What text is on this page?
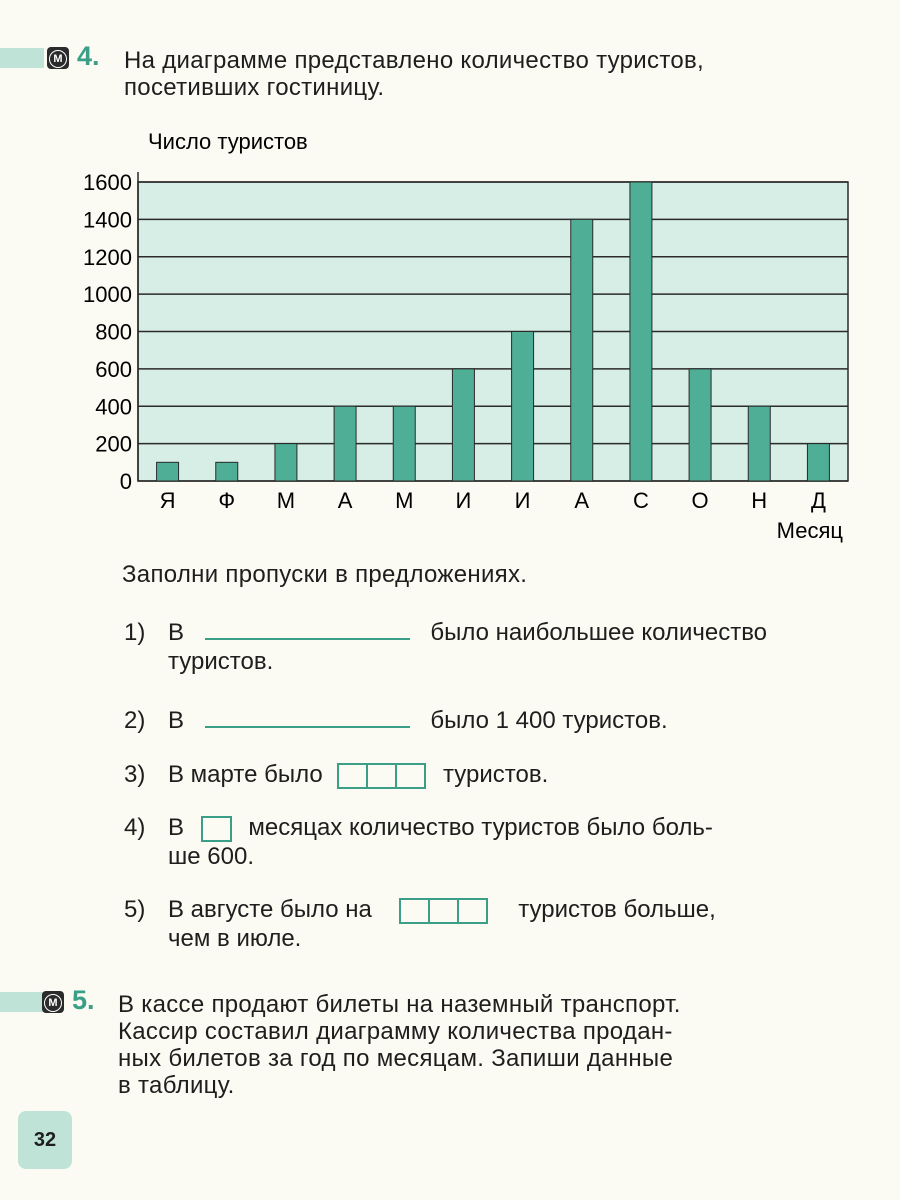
М 4. На диаграмме представлено количество туристов,
посетивших гостиницу.
0
200
400
600
800
1000
1200
1400
1600
Я Ф М А М И И А С О Н Д
Число туристов
Месяц
Заполни пропуски в предложениях.
1) В	было наибольшее количество
туристов.
2) В	было 1 400 туристов.
3) В марте было	туристов.
4) В	месяцах количество туристов было боль-
ше 600.
5) В августе было на	туристов больше,
чем в июле.
М 5. В кассе продают билеты на наземный транспорт.
Кассир составил диаграмму количества продан-
ных билетов за год по месяцам. Запиши данные
в таблицу.
32
